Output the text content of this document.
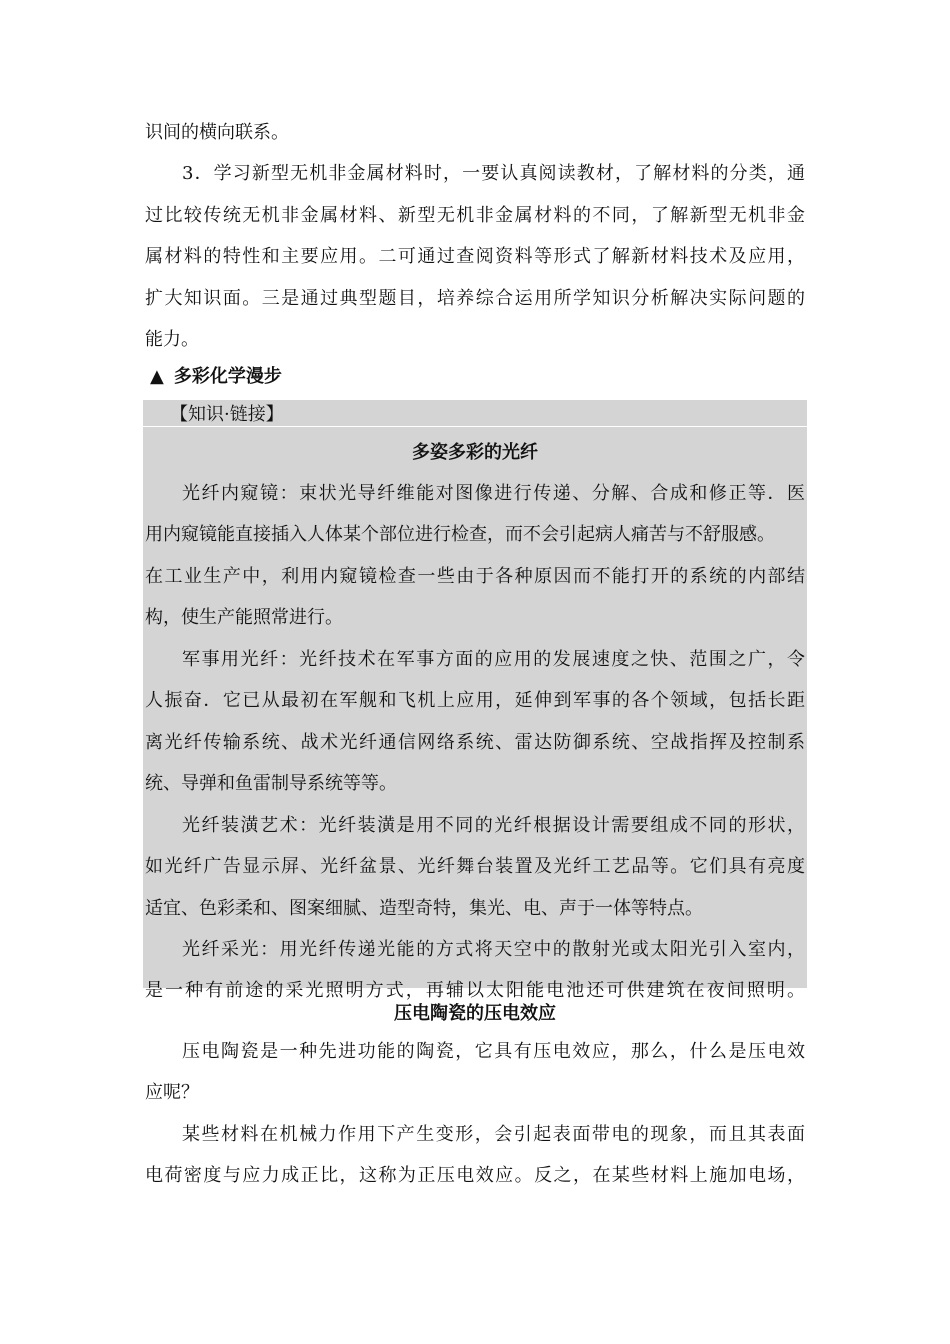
识间的横向联系。
3．学习新型无机非金属材料时，一要认真阅读教材，了解材料的分类，通
过比较传统无机非金属材料、新型无机非金属材料的不同，了解新型无机非金
属材料的特性和主要应用。二可通过查阅资料等形式了解新材料技术及应用，
扩大知识面。三是通过典型题目，培养综合运用所学知识分析解决实际问题的
能力。
▲ 多彩化学漫步
【知识·链接】
多姿多彩的光纤
光纤内窥镜：束状光导纤维能对图像进行传递、分解、合成和修正等．医
用内窥镜能直接插入人体某个部位进行检查，而不会引起病人痛苦与不舒服感。
在工业生产中，利用内窥镜检查一些由于各种原因而不能打开的系统的内部结
构，使生产能照常进行。
军事用光纤：光纤技术在军事方面的应用的发展速度之快、范围之广，令
人振奋．它已从最初在军舰和飞机上应用，延伸到军事的各个领域，包括长距
离光纤传输系统、战术光纤通信网络系统、雷达防御系统、空战指挥及控制系
统、导弹和鱼雷制导系统等等。
光纤装潢艺术：光纤装潢是用不同的光纤根据设计需要组成不同的形状，
如光纤广告显示屏、光纤盆景、光纤舞台装置及光纤工艺品等。它们具有亮度
适宜、色彩柔和、图案细腻、造型奇特，集光、电、声于一体等特点。
光纤采光：用光纤传递光能的方式将天空中的散射光或太阳光引入室内，
是一种有前途的采光照明方式，再辅以太阳能电池还可供建筑在夜间照明。
压电陶瓷的压电效应
压电陶瓷是一种先进功能的陶瓷，它具有压电效应，那么，什么是压电效
应呢？
某些材料在机械力作用下产生变形，会引起表面带电的现象，而且其表面
电荷密度与应力成正比，这称为正压电效应。反之，在某些材料上施加电场，
